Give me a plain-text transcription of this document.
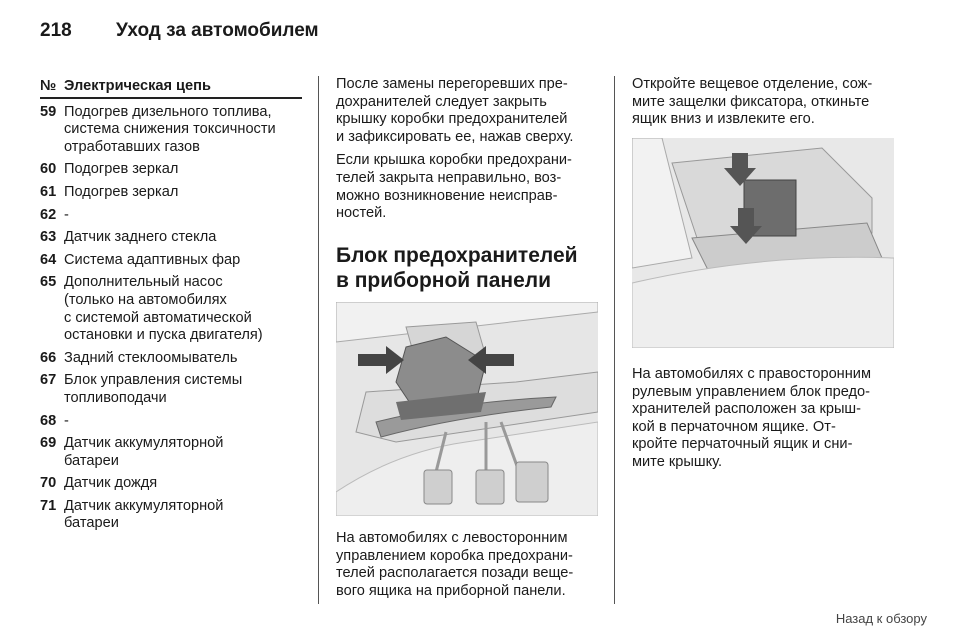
218 Уход за автомобилем
№ Электрическая цепь
59 Подогрев дизельного топлива,
система снижения токсичности
отработавших газов
60 Подогрев зеркал
61 Подогрев зеркал
62 -
63 Датчик заднего стекла
64 Система адаптивных фар
65 Дополнительный насос
(только на автомобилях
с системой автоматической
остановки и пуска двигателя)
66 Задний стеклоомыватель
67 Блок управления системы
топливоподачи
68 -
69 Датчик аккумуляторной
батареи
70 Датчик дождя
71 Датчик аккумуляторной
батареи

После замены перегоревших пре-
дохранителей следует закрыть
крышку коробки предохранителей
и зафиксировать ее, нажав сверху.

Если крышка коробки предохрани-
телей закрыта неправильно, воз-
можно возникновение неисправ-
ностей.

Блок предохранителей
в приборной панели

На автомобилях с левосторонним
управлением коробка предохрани-
телей располагается позади веще-
вого ящика на приборной панели.

Откройте вещевое отделение, сож-
мите защелки фиксатора, откиньте
ящик вниз и извлеките его.

На автомобилях с правосторонним
рулевым управлением блок предо-
хранителей расположен за крыш-
кой в перчаточном ящике. От-
кройте перчаточный ящик и сни-
мите крышку.

Назад к обзору
